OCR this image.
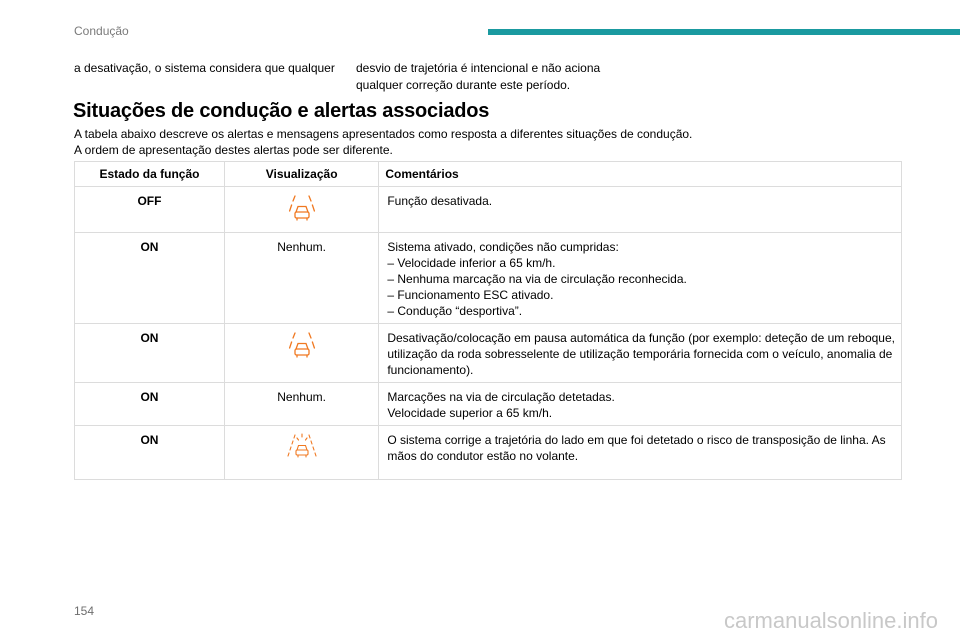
Condução
a desativação, o sistema considera que qualquer	desvio de trajetória é intencional e não aciona
qualquer correção durante este período.
Situações de condução e alertas associados

A tabela abaixo descreve os alertas e mensagens apresentados como resposta a diferentes situações de condução.

A ordem de apresentação destes alertas pode ser diferente.

Estado da função	Visualização	Comentários
OFF		Função desativada.

ON	Nenhum.	Sistema ativado, condições não cumpridas:
– Velocidade inferior a 65 km/h.
– Nenhuma marcação na via de circulação reconhecida.
– Funcionamento ESC ativado.
– Condução “desportiva”.

ON		Desativação/colocação em pausa automática da função (por exemplo: deteção de um reboque,
utilização da roda sobresselente de utilização temporária fornecida com o veículo, anomalia de
funcionamento).

ON	Nenhum.	Marcações na via de circulação detetadas.
Velocidade superior a 65 km/h.

ON		O sistema corrige a trajetória do lado em que foi detetado o risco de transposição de linha. As
mãos do condutor estão no volante.
154	carmanualsonline.info
